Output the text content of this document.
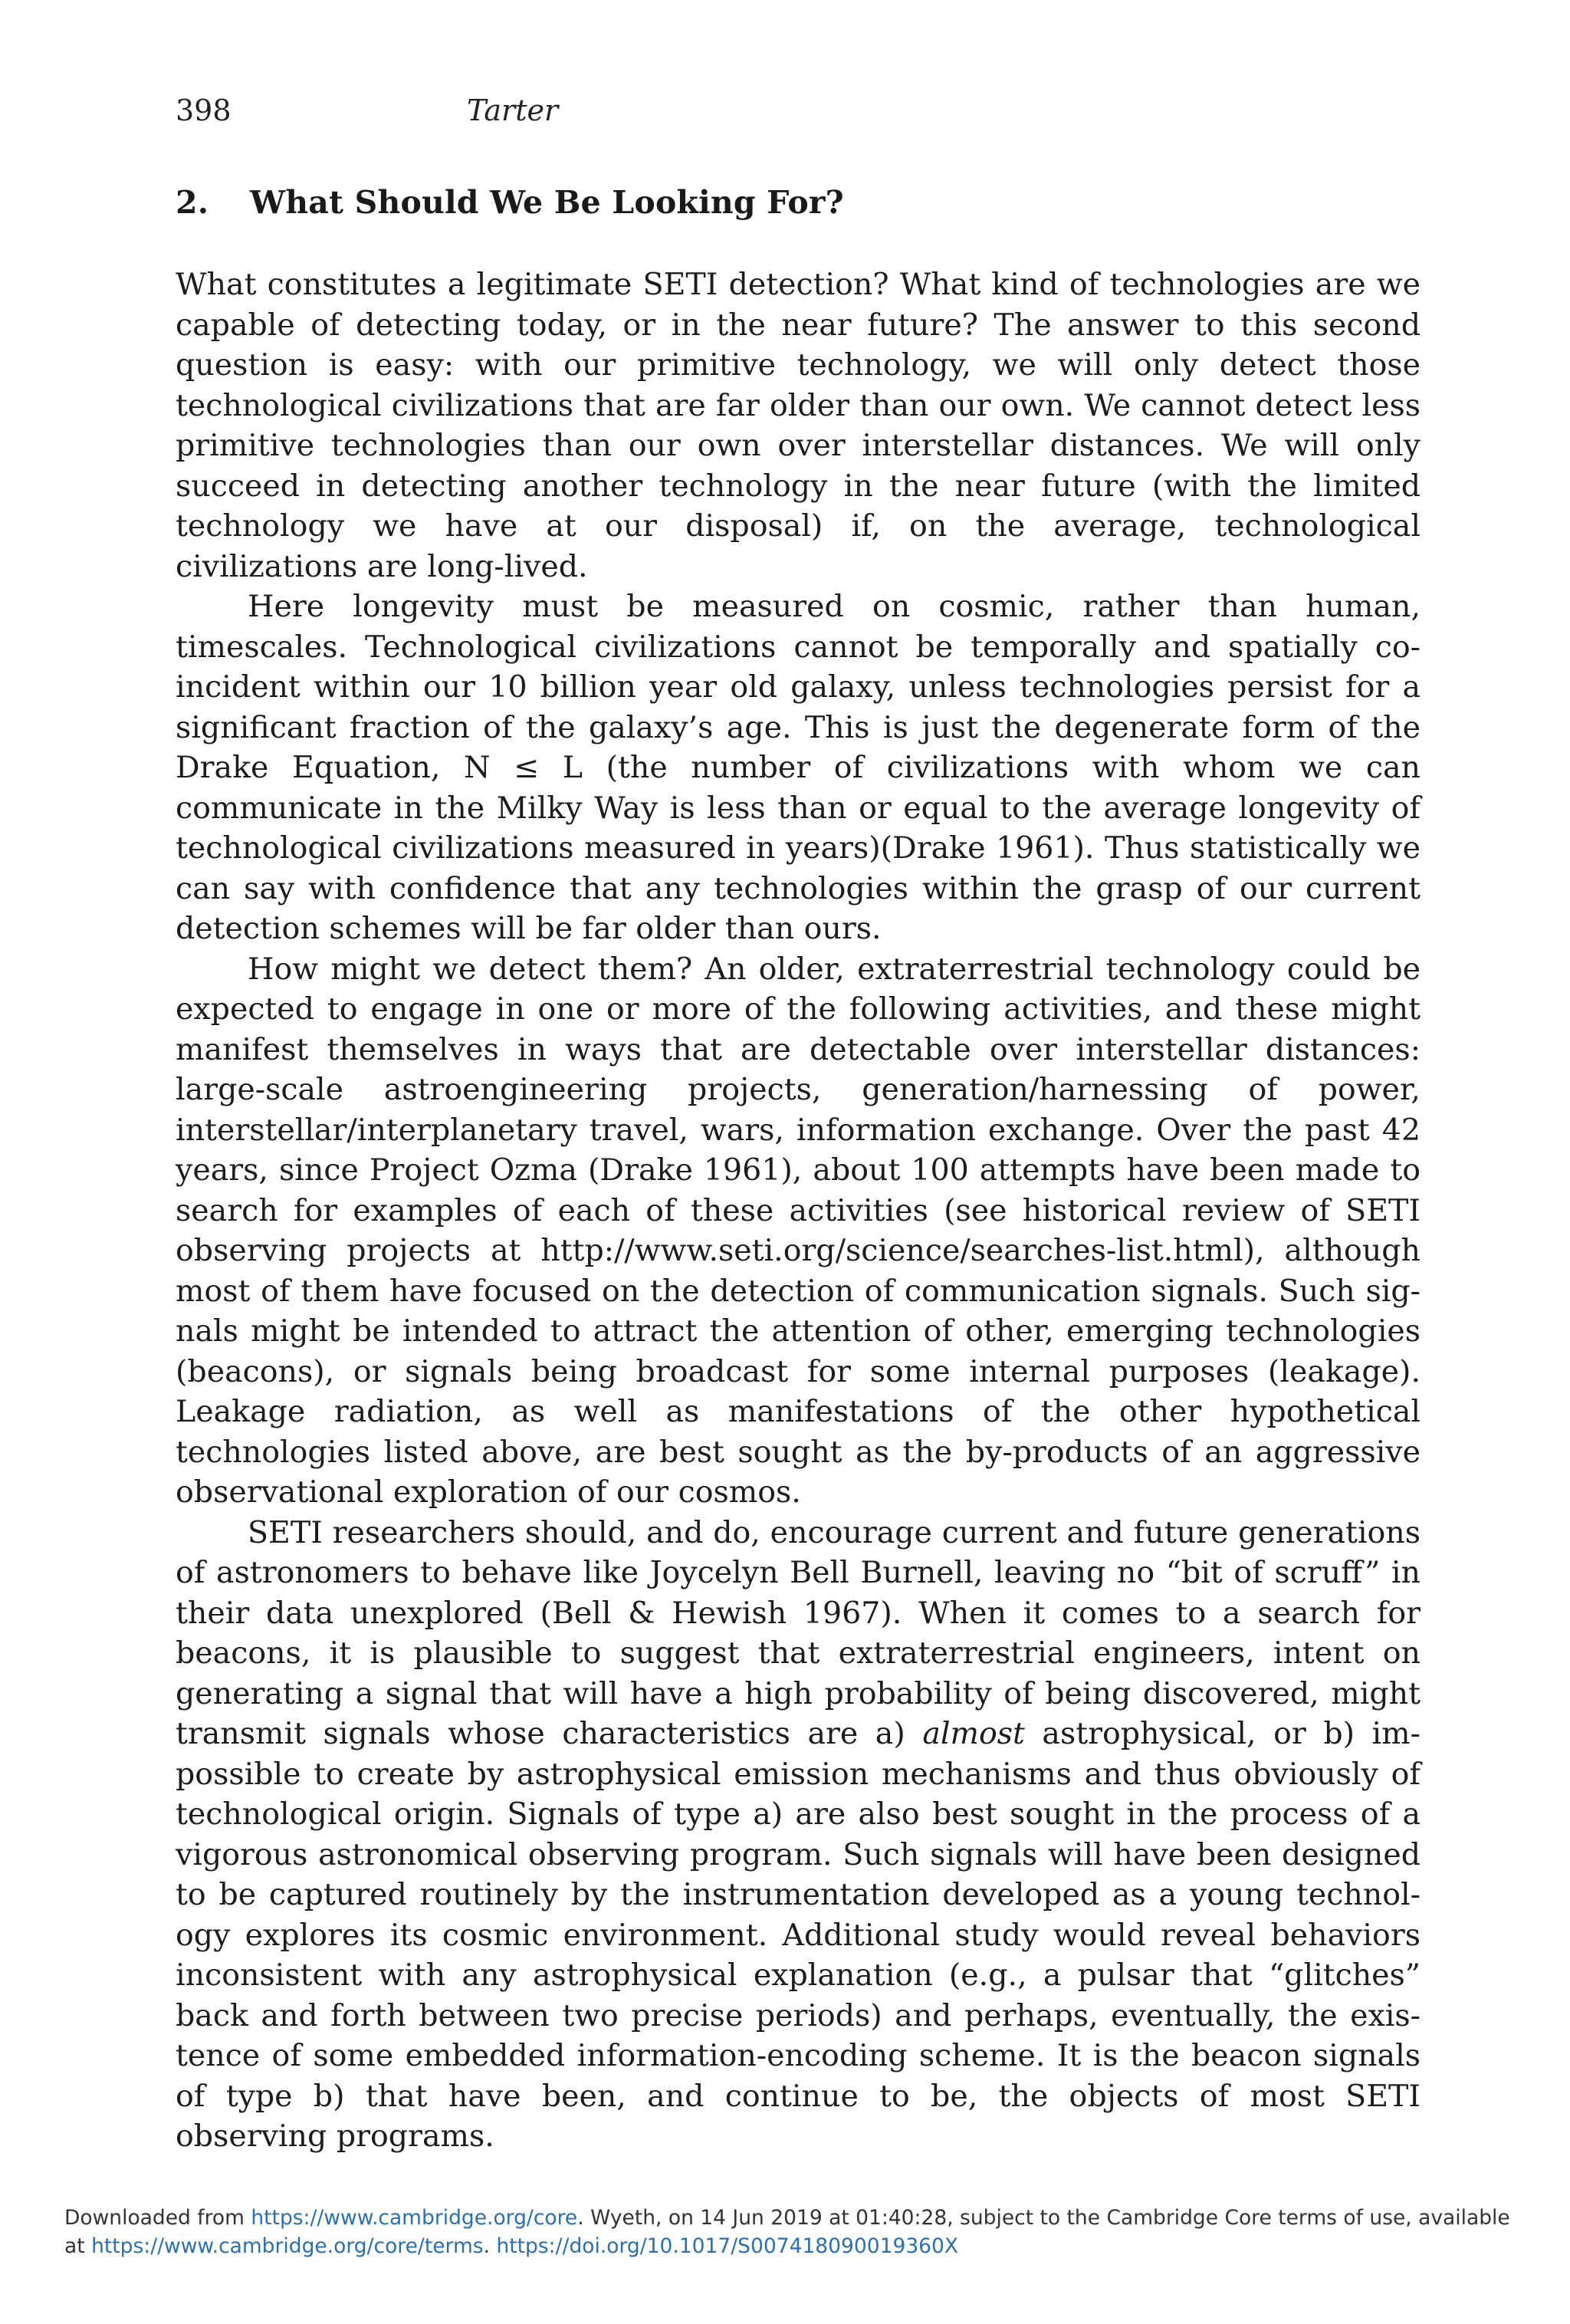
398	Tarter
2. What Should We Be Looking For?

What constitutes a legitimate SETI detection? What kind of technologies are we capable of detecting today, or in the near future? The answer to this second question is easy: with our primitive technology, we will only detect those technological civilizations that are far older than our own. We cannot detect less primitive technologies than our own over interstellar distances. We will only succeed in detecting another technology in the near future (with the limited technology we have at our disposal) if, on the average, technological civilizations are long-lived.

Here longevity must be measured on cosmic, rather than human, timescales. Technological civilizations cannot be temporally and spatially co-incident within our 10 billion year old galaxy, unless technologies persist for a significant fraction of the galaxy’s age. This is just the degenerate form of the Drake Equation, N ≤ L (the number of civilizations with whom we can communicate in the Milky Way is less than or equal to the average longevity of technological civilizations measured in years)(Drake 1961). Thus statistically we can say with confidence that any technologies within the grasp of our current detection schemes will be far older than ours.

How might we detect them? An older, extraterrestrial technology could be expected to engage in one or more of the following activities, and these might manifest themselves in ways that are detectable over interstellar distances: large-scale astroengineering projects, generation/harnessing of power, interstellar/interplanetary travel, wars, information exchange. Over the past 42 years, since Project Ozma (Drake 1961), about 100 attempts have been made to search for examples of each of these activities (see historical review of SETI observing projects at http://www.seti.org/science/searches-list.html), although most of them have focused on the detection of communication signals. Such signals might be intended to attract the attention of other, emerging technologies (beacons), or signals being broadcast for some internal purposes (leakage). Leakage radiation, as well as manifestations of the other hypothetical technologies listed above, are best sought as the by-products of an aggressive observational exploration of our cosmos.

SETI researchers should, and do, encourage current and future generations of astronomers to behave like Joycelyn Bell Burnell, leaving no “bit of scruff” in their data unexplored (Bell & Hewish 1967). When it comes to a search for beacons, it is plausible to suggest that extraterrestrial engineers, intent on generating a signal that will have a high probability of being discovered, might transmit signals whose characteristics are a) almost astrophysical, or b) impossible to create by astrophysical emission mechanisms and thus obviously of technological origin. Signals of type a) are also best sought in the process of a vigorous astronomical observing program. Such signals will have been designed to be captured routinely by the instrumentation developed as a young technology explores its cosmic environment. Additional study would reveal behaviors inconsistent with any astrophysical explanation (e.g., a pulsar that “glitches” back and forth between two precise periods) and perhaps, eventually, the existence of some embedded information-encoding scheme. It is the beacon signals of type b) that have been, and continue to be, the objects of most SETI observing programs.

Downloaded from https://www.cambridge.org/core. Wyeth, on 14 Jun 2019 at 01:40:28, subject to the Cambridge Core terms of use, available at https://www.cambridge.org/core/terms. https://doi.org/10.1017/S007418090019360X
